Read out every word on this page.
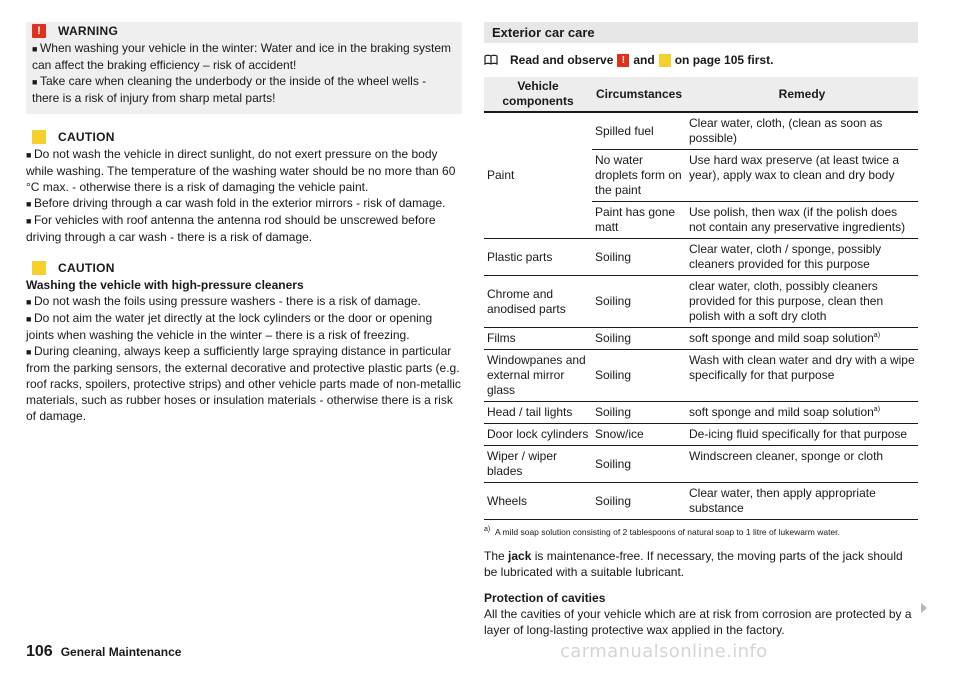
!	WARNING

■ When washing your vehicle in the winter: Water and ice in the braking system can affect the braking efficiency – risk of accident!

■ Take care when cleaning the underbody or the inside of the wheel wells - there is a risk of injury from sharp metal parts!

CAUTION

■ Do not wash the vehicle in direct sunlight, do not exert pressure on the body while washing. The temperature of the washing water should be no more than 60 °C max. - otherwise there is a risk of damaging the vehicle paint.

■ Before driving through a car wash fold in the exterior mirrors - risk of damage.

■ For vehicles with roof antenna the antenna rod should be unscrewed before driving through a car wash - there is a risk of damage.

CAUTION

Washing the vehicle with high-pressure cleaners

■ Do not wash the foils using pressure washers - there is a risk of damage.

■ Do not aim the water jet directly at the lock cylinders or the door or opening joints when washing the vehicle in the winter – there is a risk of freezing.

■ During cleaning, always keep a sufficiently large spraying distance in particular from the parking sensors, the external decorative and protective plastic parts (e.g. roof racks, spoilers, protective strips) and other vehicle parts made of non-metallic materials, such as rubber hoses or insulation materials - otherwise there is a risk of damage.

Exterior car care
Read and observe ! and on page 105 first.
Vehicle components	Circumstances	Remedy
Paint	Spilled fuel	Clear water, cloth, (clean as soon as possible)
	No water droplets form on the paint	Use hard wax preserve (at least twice a year), apply wax to clean and dry body
	Paint has gone matt	Use polish, then wax (if the polish does not contain any preservative ingredients)
Plastic parts	Soiling	Clear water, cloth / sponge, possibly cleaners provided for this purpose
Chrome and anodised parts	Soiling	clear water, cloth, possibly cleaners provided for this purpose, clean then polish with a soft dry cloth
Films	Soiling	soft sponge and mild soap solution$^{a)}$
Windowpanes and external mirror glass	Soiling	Wash with clean water and dry with a wipe specifically for that purpose
Head / tail lights	Soiling	soft sponge and mild soap solution$^{a)}$
Door lock cylinders	Snow/ice	De-icing fluid specifically for that purpose
Wiper / wiper blades	Soiling	Windscreen cleaner, sponge or cloth
Wheels	Soiling	Clear water, then apply appropriate substance

$^{a)}$ A mild soap solution consisting of 2 tablespoons of natural soap to 1 litre of lukewarm water.

The jack is maintenance-free. If necessary, the moving parts of the jack should be lubricated with a suitable lubricant.

Protection of cavities
All the cavities of your vehicle which are at risk from corrosion are protected by a layer of long-lasting protective wax applied in the factory.

106 General Maintenance	carmanualsonline.info
